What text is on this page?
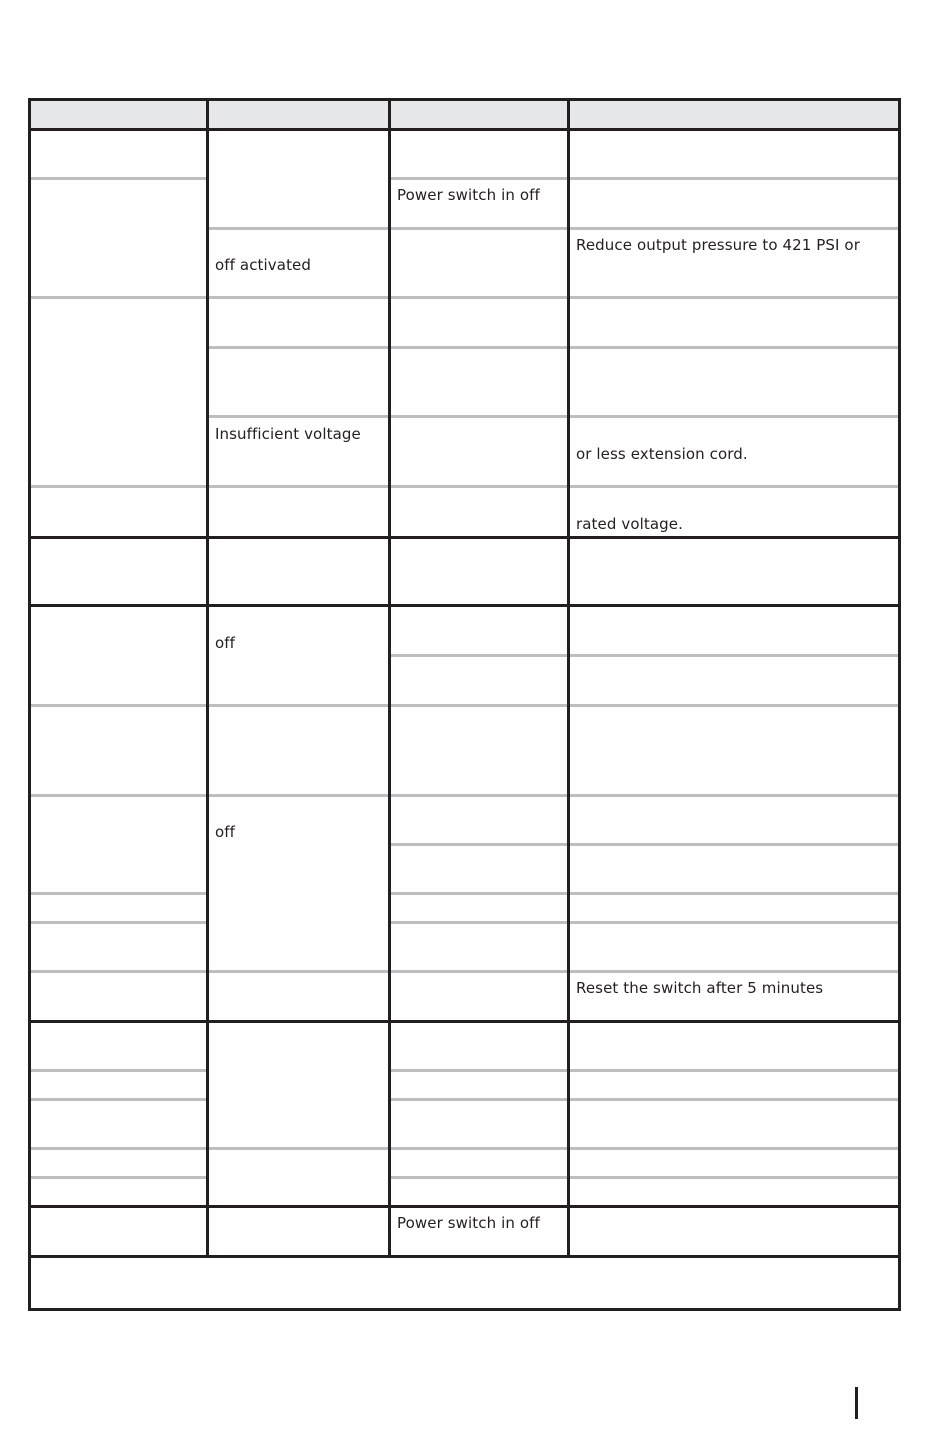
Power switch in off
Reduce output pressure to 421 PSI or
off activated
Insufficient voltage
or less extension cord.
rated voltage.
off
off
Reset the switch after 5 minutes
Power switch in off
